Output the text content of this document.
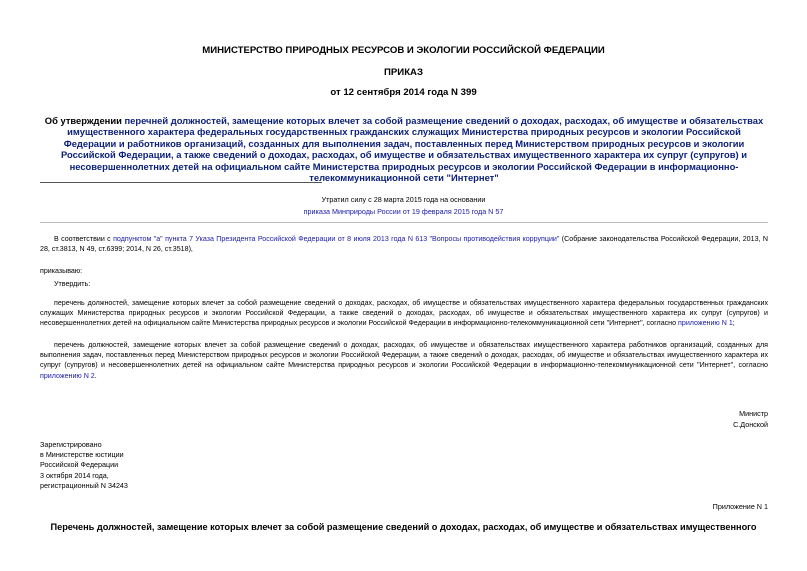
МИНИСТЕРСТВО ПРИРОДНЫХ РЕСУРСОВ И ЭКОЛОГИИ РОССИЙСКОЙ ФЕДЕРАЦИИ
ПРИКАЗ
от 12 сентября 2014 года N 399
Об утверждении перечней должностей, замещение которых влечет за собой размещение сведений о доходах, расходах, об имуществе и обязательствах имущественного характера федеральных государственных гражданских служащих Министерства природных ресурсов и экологии Российской Федерации и работников организаций, созданных для выполнения задач, поставленных перед Министерством природных ресурсов и экологии Российской Федерации, а также сведений о доходах, расходах, об имуществе и обязательствах имущественного характера их супруг (супругов) и несовершеннолетних детей на официальном сайте Министерства природных ресурсов и экологии Российской Федерации в информационно-телекоммуникационной сети "Интернет"
Утратил силу с 28 марта 2015 года на основании
приказа Минприроды России от 19 февраля 2015 года N 57
В соответствии с подпунктом "а" пункта 7 Указа Президента Российской Федерации от 8 июля 2013 года N 613 "Вопросы противодействия коррупции" (Собрание законодательства Российской Федерации, 2013, N 28, ст.3813, N 49, ст.6399; 2014, N 26, ст.3518),
приказываю:
Утвердить:
перечень должностей, замещение которых влечет за собой размещение сведений о доходах, расходах, об имуществе и обязательствах имущественного характера федеральных государственных гражданских служащих Министерства природных ресурсов и экологии Российской Федерации, а также сведений о доходах, расходах, об имуществе и обязательствах имущественного характера их супруг (супругов) и несовершеннолетних детей на официальном сайте Министерства природных ресурсов и экологии Российской Федерации в информационно-телекоммуникационной сети "Интернет", согласно приложению N 1;
перечень должностей, замещение которых влечет за собой размещение сведений о доходах, расходах, об имуществе и обязательствах имущественного характера работников организаций, созданных для выполнения задач, поставленных перед Министерством природных ресурсов и экологии Российской Федерации, а также сведений о доходах, расходах, об имуществе и обязательствах имущественного характера их супруг (супругов) и несовершеннолетних детей на официальном сайте Министерства природных ресурсов и экологии Российской Федерации в информационно-телекоммуникационной сети "Интернет", согласно приложению N 2.
Министр
С.Донской
Зарегистрировано
в Министерстве юстиции
Российской Федерации
3 октября 2014 года,
регистрационный N 34243
Приложение N 1
Перечень должностей, замещение которых влечет за собой размещение сведений о доходах, расходах, об имуществе и обязательствах имущественного
